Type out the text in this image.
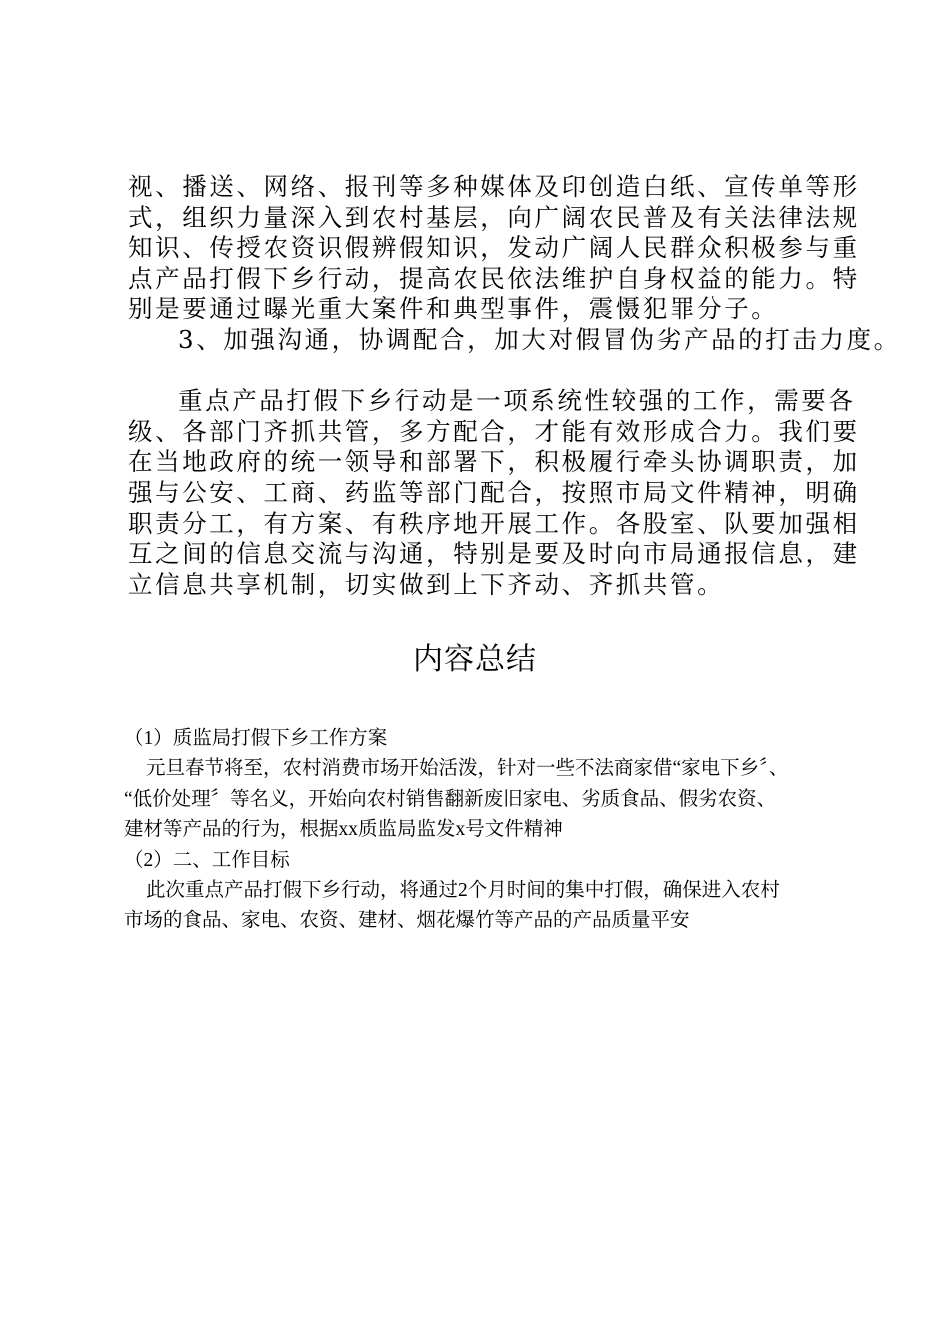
视、播送、网络、报刊等多种媒体及印创造白纸、宣传单等形
式，组织力量深入到农村基层，向广阔农民普及有关法律法规
知识、传授农资识假辨假知识，发动广阔人民群众积极参与重
点产品打假下乡行动，提高农民依法维护自身权益的能力。特
别是要通过曝光重大案件和典型事件，震慑犯罪分子。
3、加强沟通，协调配合，加大对假冒伪劣产品的打击力度。
重点产品打假下乡行动是一项系统性较强的工作，需要各
级、各部门齐抓共管，多方配合，才能有效形成合力。我们要
在当地政府的统一领导和部署下，积极履行牵头协调职责，加
强与公安、工商、药监等部门配合，按照市局文件精神，明确
职责分工，有方案、有秩序地开展工作。各股室、队要加强相
互之间的信息交流与沟通，特别是要及时向市局通报信息，建
立信息共享机制，切实做到上下齐动、齐抓共管。
内容总结
（1）质监局打假下乡工作方案
元旦春节将至，农村消费市场开始活泼，针对一些不法商家借“家电下乡〞、
“低价处理〞等名义，开始向农村销售翻新废旧家电、劣质食品、假劣农资、
建材等产品的行为，根据xx质监局监发x号文件精神
（2）二、工作目标
此次重点产品打假下乡行动，将通过2个月时间的集中打假，确保进入农村
市场的食品、家电、农资、建材、烟花爆竹等产品的产品质量平安
